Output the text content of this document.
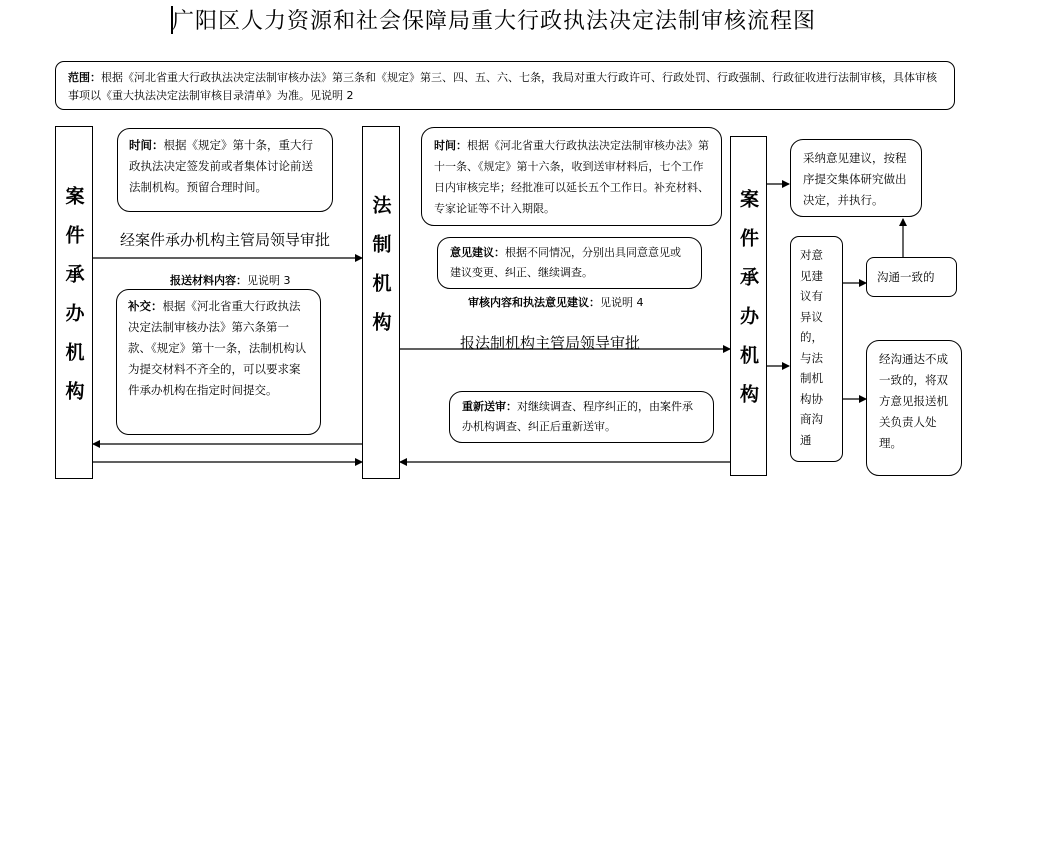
广阳区人力资源和社会保障局重大行政执法决定法制审核流程图
范围：根据《河北省重大行政执法决定法制审核办法》第三条和《规定》第三、四、五、六、七条，我局对重大行政许可、行政处罚、行政强制、行政征收进行法制审核，具体审核事项以《重大执法决定法制审核目录清单》为准。见说明 2
案件承办机构	法制机构	案件承办机构
时间：根据《规定》第十条，重大行政执法决定签发前或者集体讨论前送法制机构。预留合理时间。
补交：根据《河北省重大行政执法决定法制审核办法》第六条第一款、《规定》第十一条，法制机构认为提交材料不齐全的，可以要求案件承办机构在指定时间提交。
经案件承办机构主管局领导审批
报送材料内容：见说明 3
时间：根据《河北省重大行政执法决定法制审核办法》第十一条、《规定》第十六条，收到送审材料后，七个工作日内审核完毕；经批准可以延长五个工作日。补充材料、专家论证等不计入期限。
意见建议：根据不同情况，分别出具同意意见或建议变更、纠正、继续调查。
审核内容和执法意见建议：见说明 4
报法制机构主管局领导审批
重新送审：对继续调查、程序纠正的，由案件承办机构调查、纠正后重新送审。
采纳意见建议，按程序提交集体研究做出决定，并执行。
对意见建议有异议的，与法制机构协商沟通
沟通一致的
经沟通达不成一致的，将双方意见报送机关负责人处理。
